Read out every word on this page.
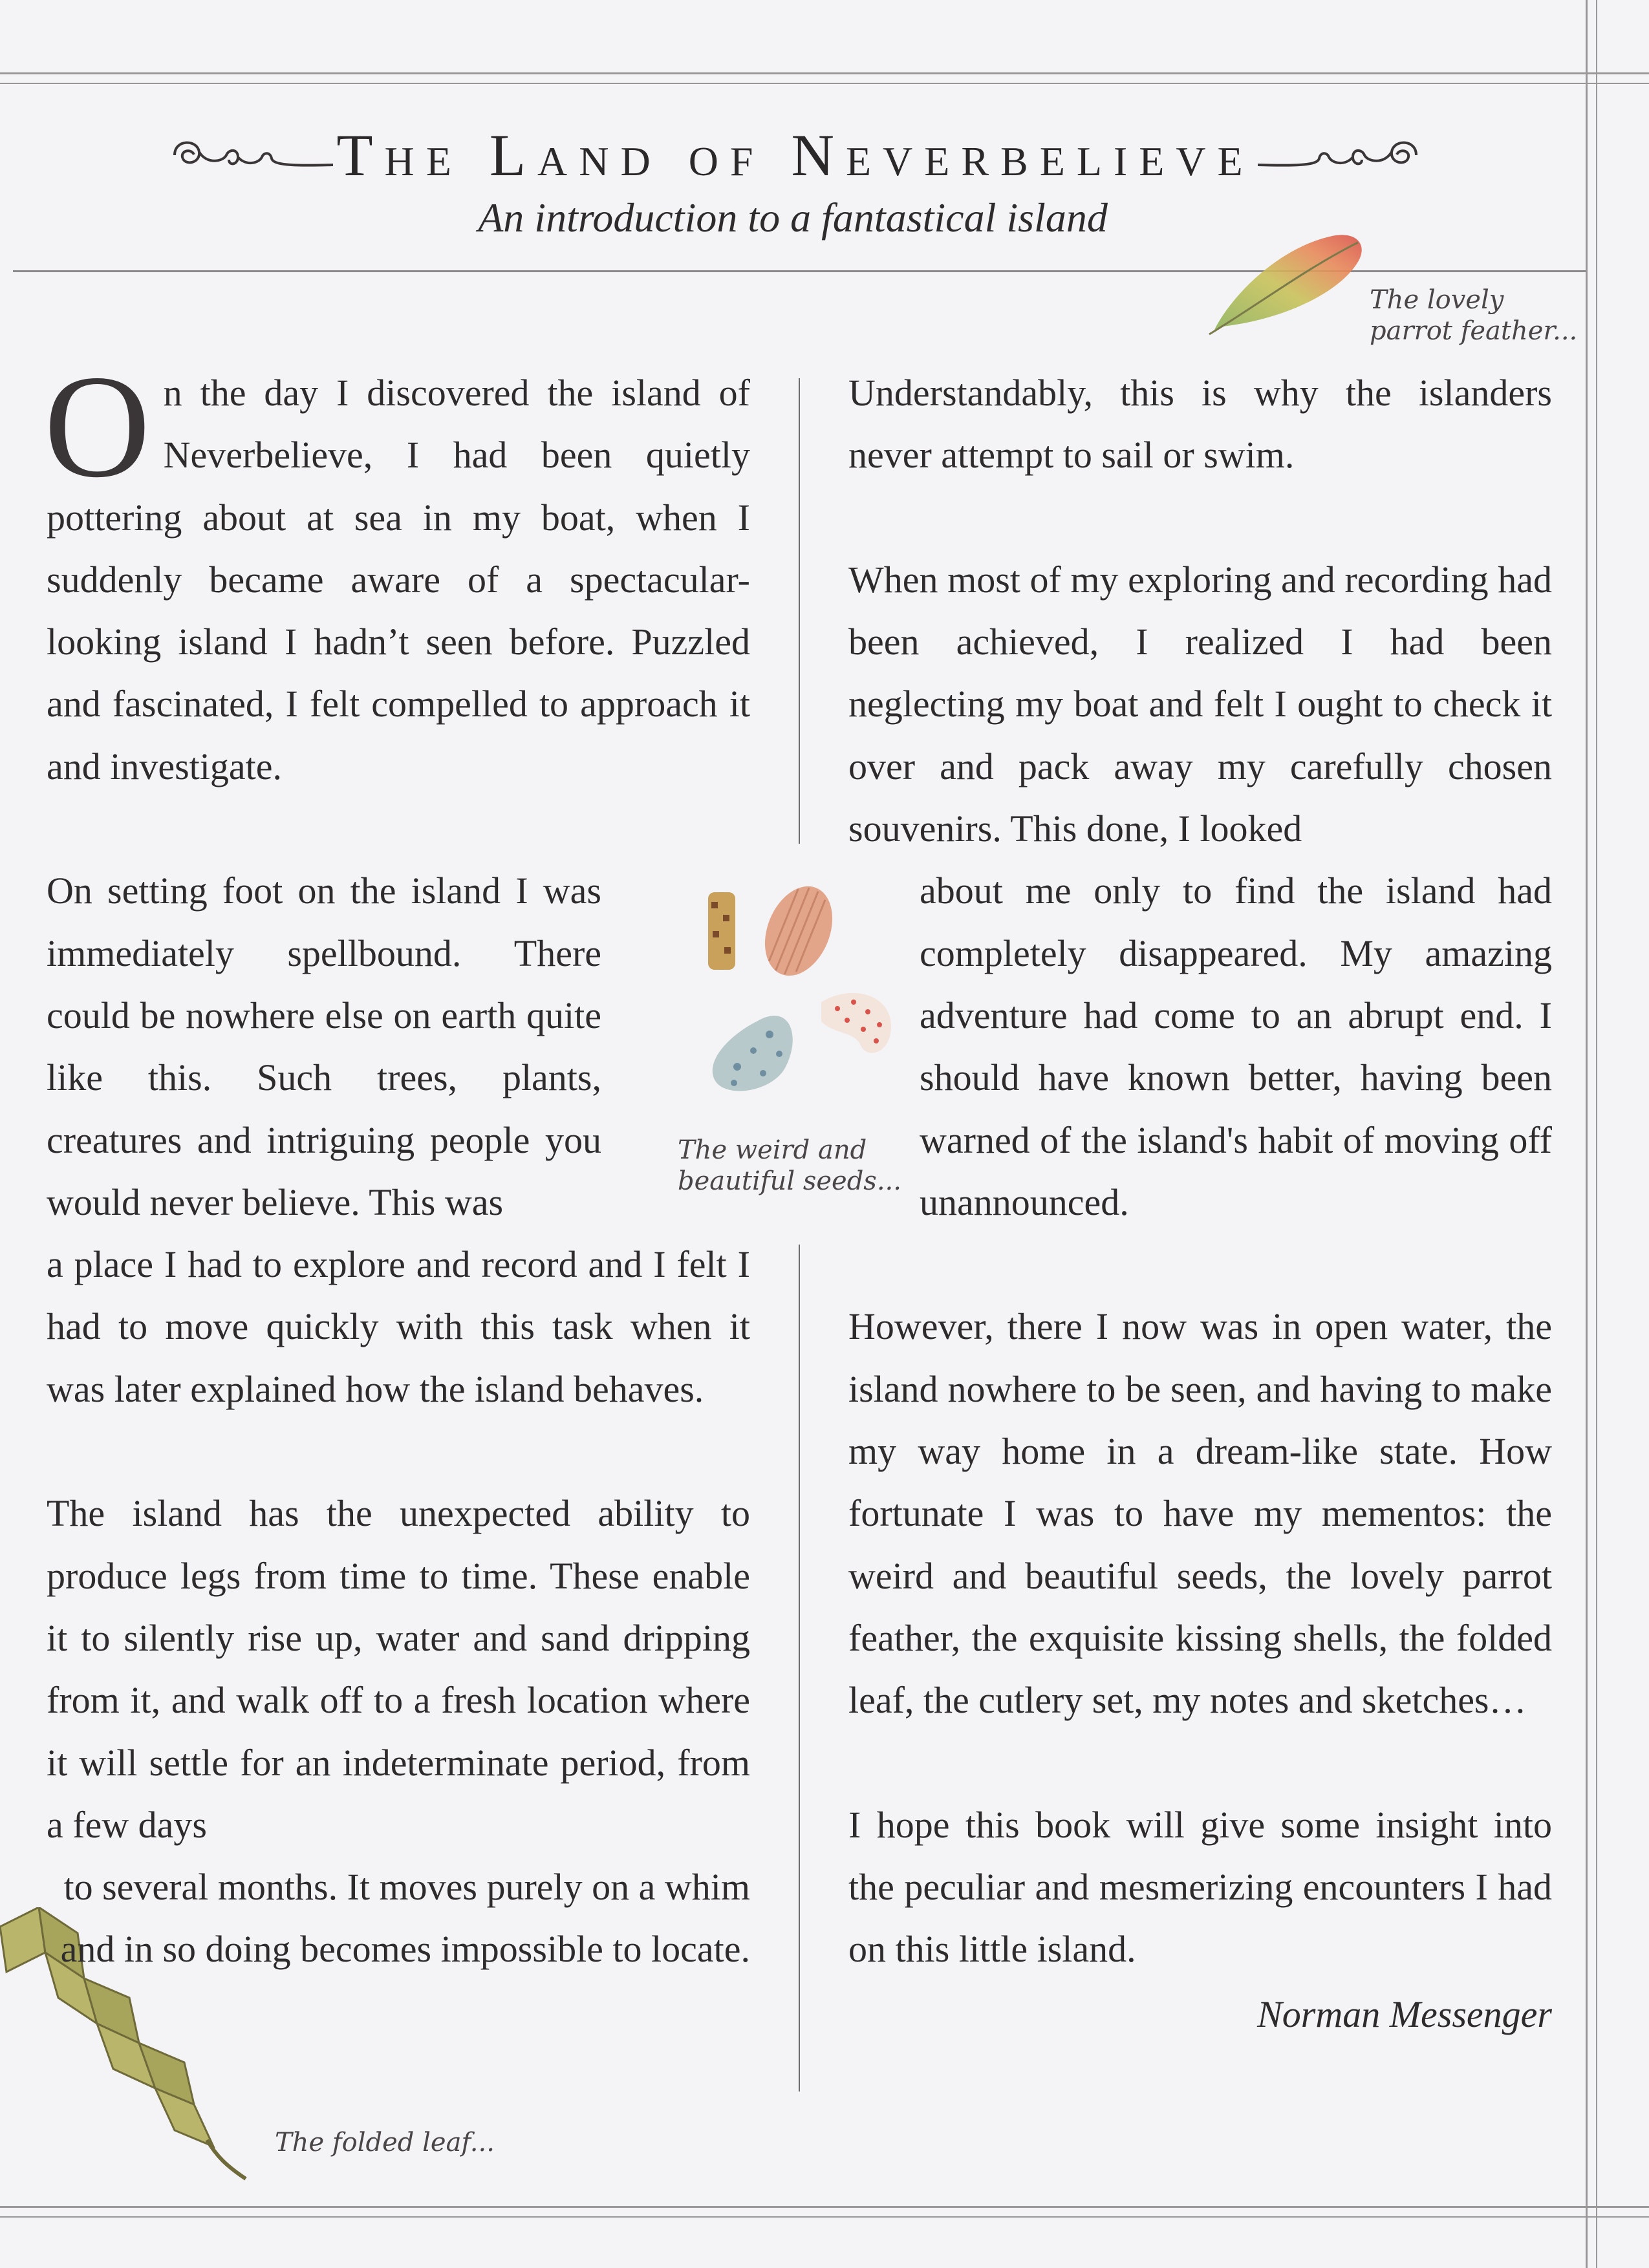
The Land of Neverbelieve
An introduction to a fantastical island
The lovely
parrot feather...
The weird and
beautiful seeds...
The folded leaf...

On the day I discovered the island of Neverbelieve, I had been quietly pottering about at sea in my boat, when I suddenly became aware of a spectacular-looking island I hadn’t seen before. Puzzled and fascinated, I felt compelled to approach it and investigate.

On setting foot on the island I was immediately spellbound. There could be nowhere else on earth quite like this. Such trees, plants, creatures and intriguing people you would never believe. This was

a place I had to explore and record and I felt I had to move quickly with this task when it was later explained how the island behaves.

The island has the unexpected ability to produce legs from time to time. These enable it to silently rise up, water and sand dripping from it, and walk off to a fresh location where it will settle for an indeterminate period, from a few days

to several months. It moves purely on a whim and in so doing becomes impossible to locate.

Understandably, this is why the islanders never attempt to sail or swim.

When most of my exploring and recording had been achieved, I realized I had been neglecting my boat and felt I ought to check it over and pack away my carefully chosen souvenirs. This done, I looked

about me only to find the island had completely disappeared. My amazing adventure had come to an abrupt end. I should have known better, having been warned of the island's habit of moving off unannounced.

However, there I now was in open water, the island nowhere to be seen, and having to make my way home in a dream-like state. How fortunate I was to have my mementos: the weird and beautiful seeds, the lovely parrot feather, the exquisite kissing shells, the folded leaf, the cutlery set, my notes and sketches…

I hope this book will give some insight into the peculiar and mesmerizing encounters I had on this little island.

Norman Messenger
